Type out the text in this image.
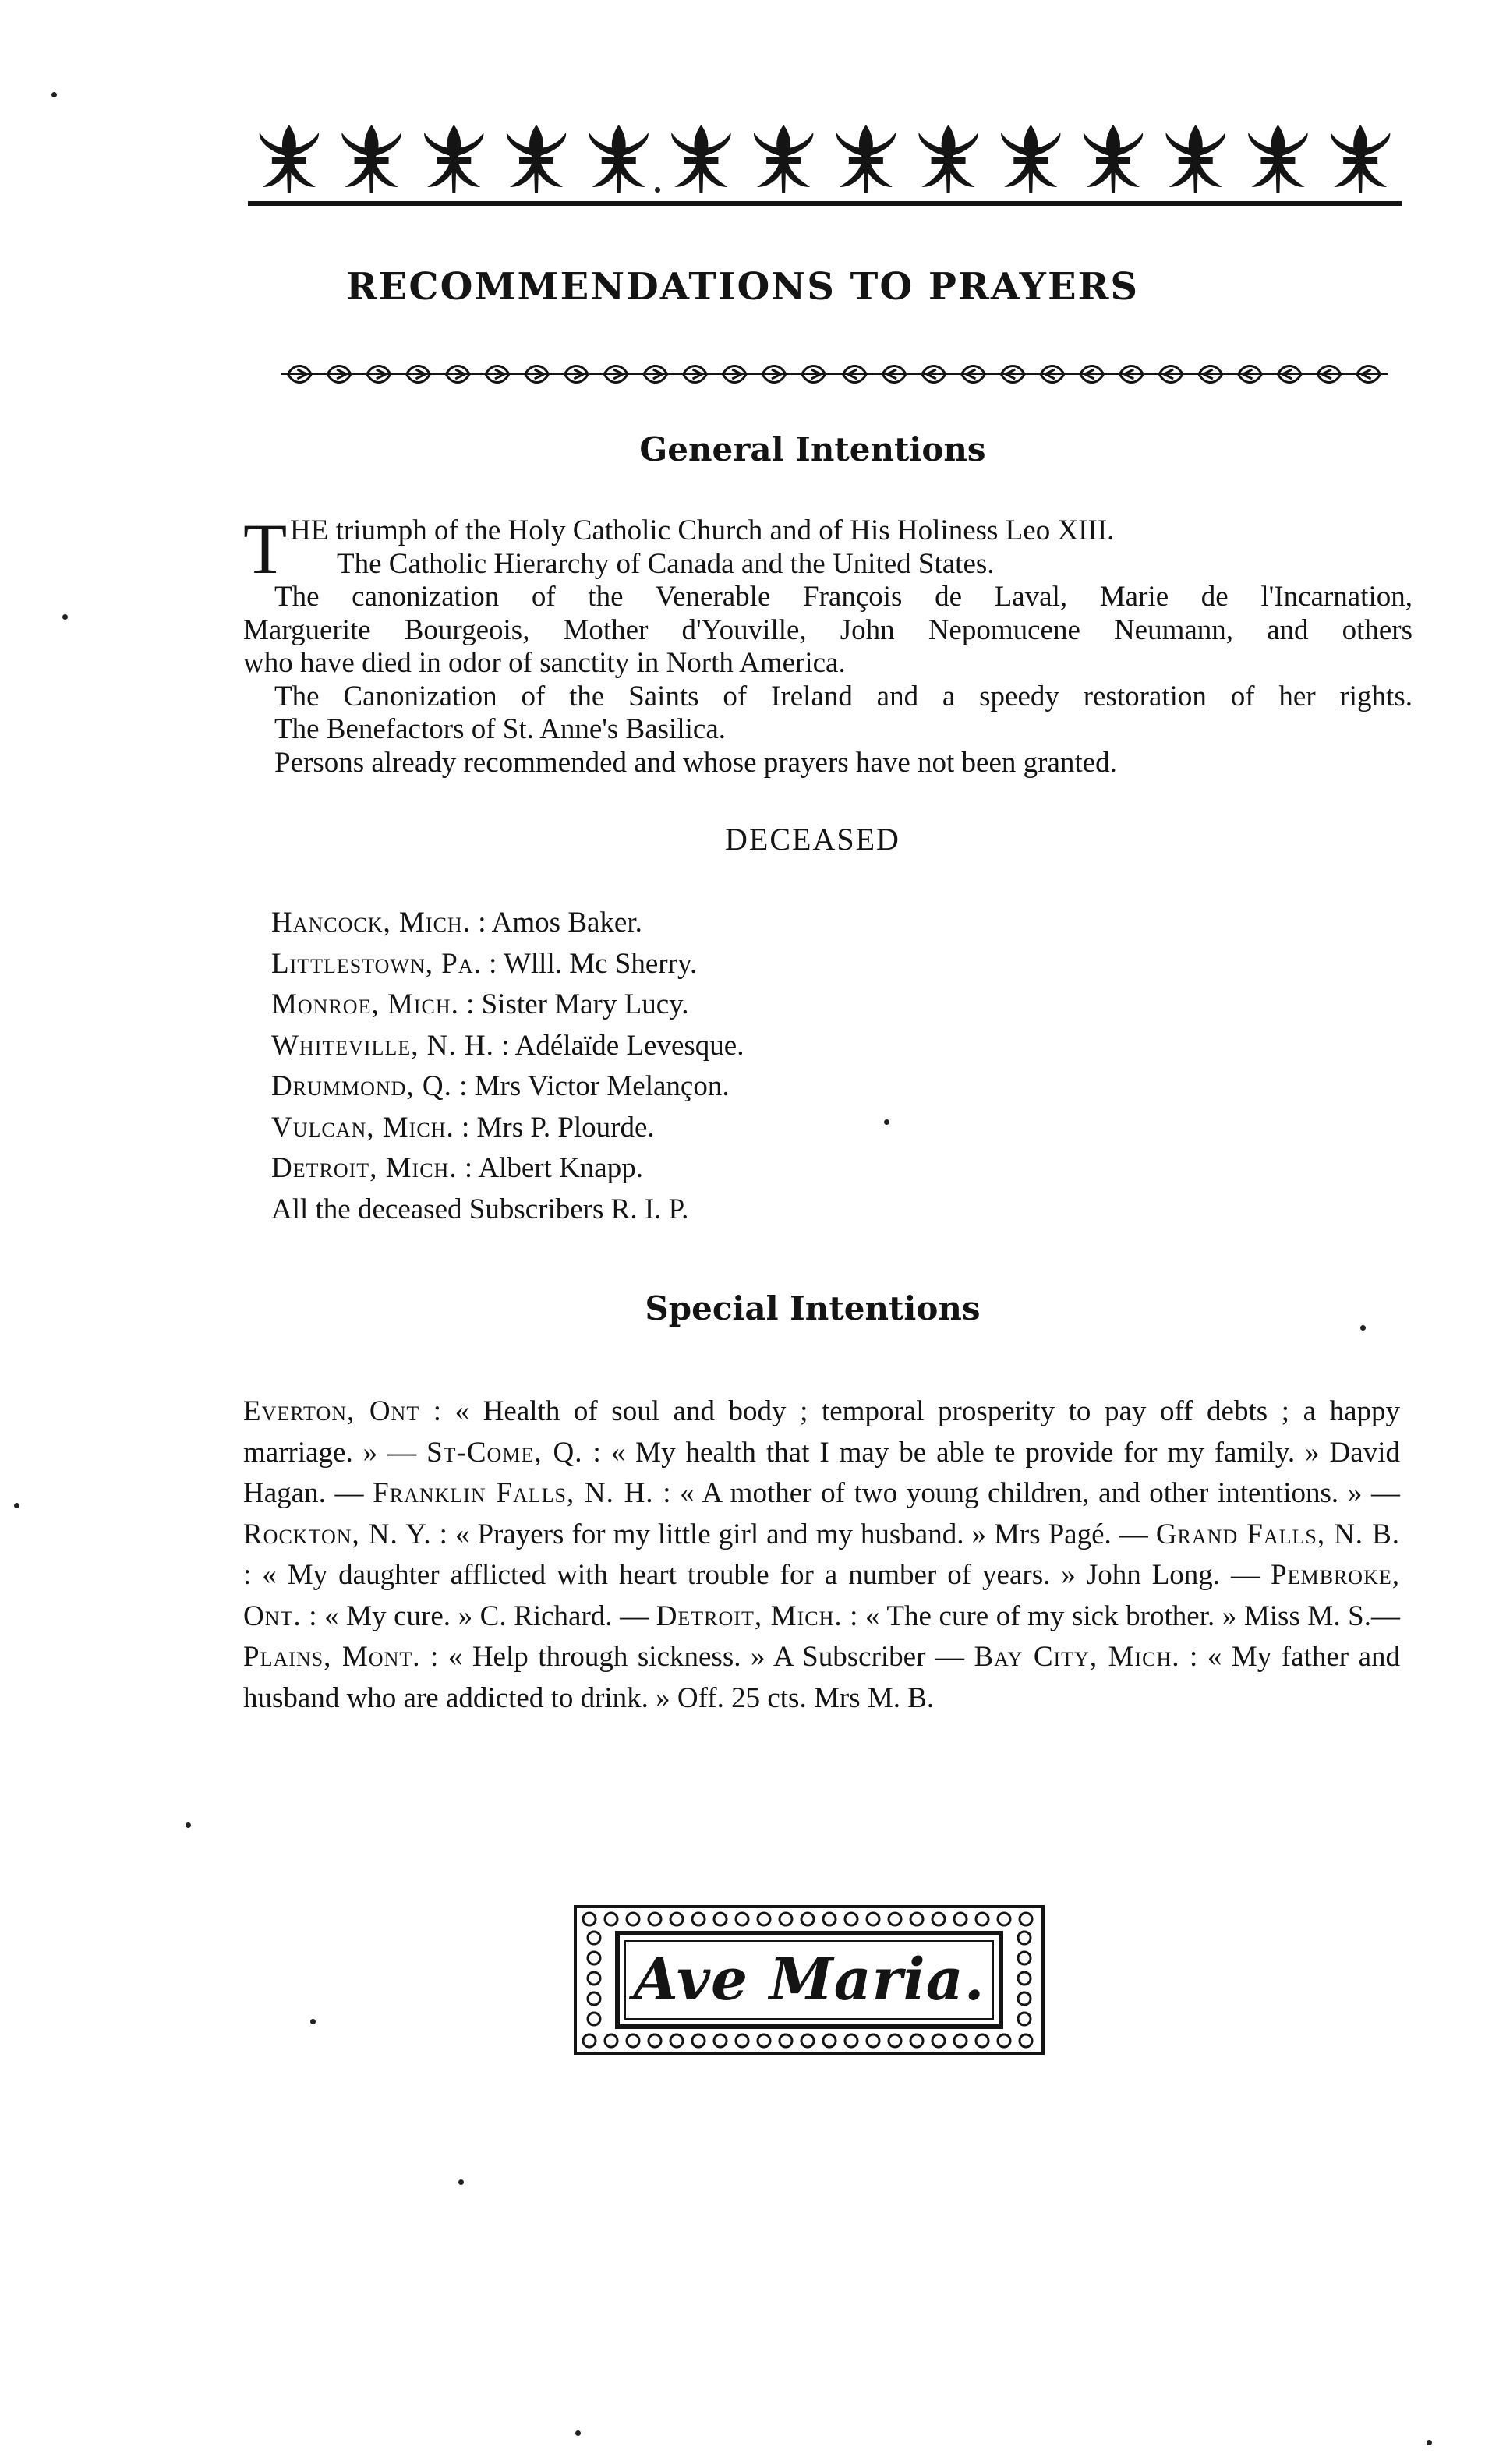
RECOMMENDATIONS TO PRAYERS
General Intentions
T HE triumph of the Holy Catholic Church and of His Holiness Leo XIII.
The Catholic Hierarchy of Canada and the United States.
The canonization of the Venerable François de Laval, Marie de l'Incarnation,
Marguerite Bourgeois, Mother d'Youville, John Nepomucene Neumann, and others
who have died in odor of sanctity in North America.
The Canonization of the Saints of Ireland and a speedy restoration of her rights.
The Benefactors of St. Anne's Basilica.
Persons already recommended and whose prayers have not been granted.
DECEASED
Hancock, Mich. : Amos Baker.
Littlestown, Pa. : Wlll. Mc Sherry.
Monroe, Mich. : Sister Mary Lucy.
Whiteville, N. H. : Adélaïde Levesque.
Drummond, Q. : Mrs Victor Melançon.
Vulcan, Mich. : Mrs P. Plourde.
Detroit, Mich. : Albert Knapp.
All the deceased Subscribers R. I. P.
Special Intentions
Everton, Ont : « Health of soul and body ; temporal prosperity to pay off debts ; a happy marriage. » — St-Come, Q. : « My health that I may be able te provide for my family. » David Hagan. — Franklin Falls, N. H. : « A mother of two young children, and other intentions. » — Rockton, N. Y. : « Prayers for my little girl and my husband. » Mrs Pagé. — Grand Falls, N. B. : « My daughter afflicted with heart trouble for a number of years. » John Long. — Pembroke, Ont. : « My cure. » C. Richard. — Detroit, Mich. : « The cure of my sick brother. » Miss M. S.—Plains, Mont. : « Help through sickness. » A Subscriber — Bay City, Mich. : « My father and husband who are addicted to drink. » Off. 25 cts. Mrs M. B.
Ave Maria.
